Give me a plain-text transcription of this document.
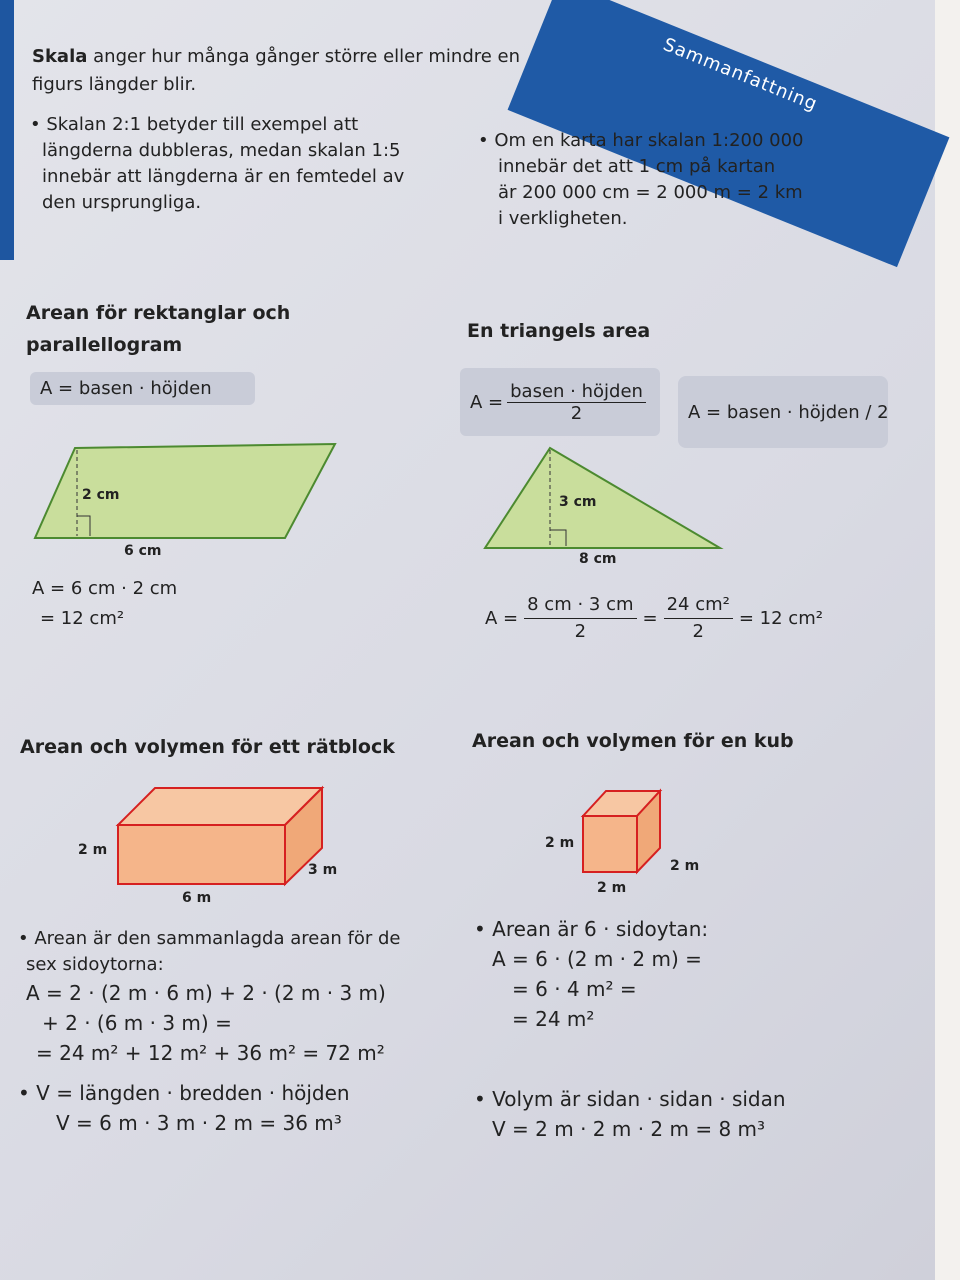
Sammanfattning
Skala anger hur många gånger större eller mindre en
figurs längder blir.
• Skalan 2:1 betyder till exempel att
längderna dubbleras, medan skalan 1:5
innebär att längderna är en femtedel av
den ursprungliga.
• Om en karta har skalan 1:200 000
innebär det att 1 cm på kartan
är 200 000 cm = 2 000 m = 2 km
i verkligheten.
Arean för rektanglar och
parallellogram
A = basen · höjden
2 cm
6 cm
A = 6 cm · 2 cm
= 12 cm²
En triangels area
$A = \frac{\text{basen · höjden}}{2}$	A = basen · höjden / 2
3 cm
8 cm
$A = \frac{8 cm \cdot 3 cm}{2} = \frac{\text{24 cm²}}{2} = 12$ cm²
Arean och volymen för ett rätblock
2 m
3 m
6 m
• Arean är den sammanlagda arean för de
sex sidoytorna:
A = 2 · (2 m · 6 m) + 2 · (2 m · 3 m)
+ 2 · (6 m · 3 m) =
= 24 m² + 12 m² + 36 m² = 72 m²
• V = längden · bredden · höjden
V = 6 m · 3 m · 2 m = 36 m³
Arean och volymen för en kub
2 m
2 m
2 m
• Arean är 6 · sidoytan:
A = 6 · (2 m · 2 m) =
= 6 · 4 m² =
= 24 m²
• Volym är sidan · sidan · sidan
V = 2 m · 2 m · 2 m = 8 m³
